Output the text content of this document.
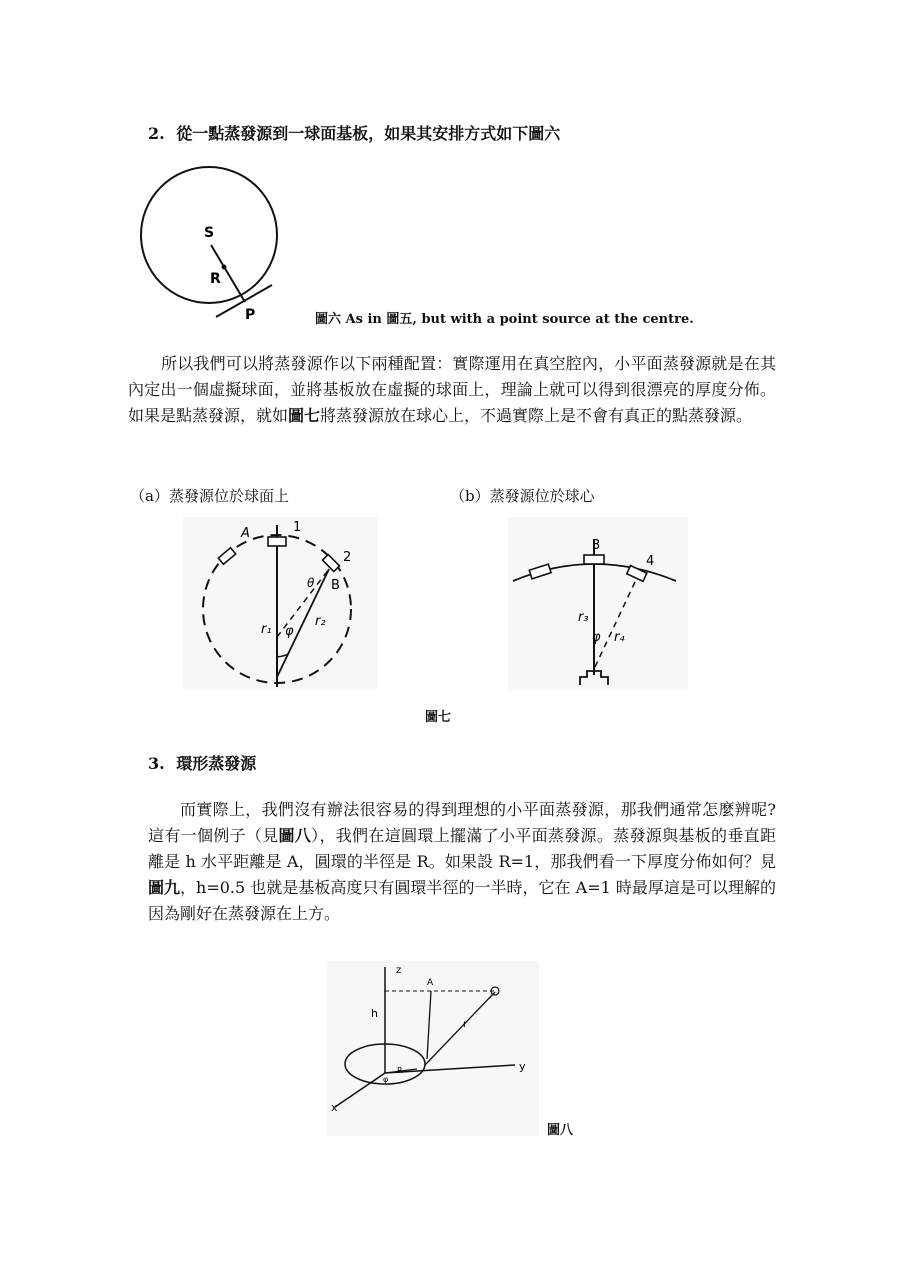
2. 從一點蒸發源到一球面基板，如果其安排方式如下圖六
S
R
P	圖六 As in 圖五, but with a point source at the centre.
所以我們可以將蒸發源作以下兩種配置：實際運用在真空腔內，小平面蒸發源就是在其內定出一個虛擬球面，並將基板放在虛擬的球面上，理論上就可以得到很漂亮的厚度分佈。如果是點蒸發源，就如圖七將蒸發源放在球心上，不過實際上是不會有真正的點蒸發源。
（a）蒸發源位於球面上	（b）蒸發源位於球心
A	1
2
B
θ
r₁ φ
r₂
3
4
r₃
φ r₄
圖七
3. 環形蒸發源
而實際上，我們沒有辦法很容易的得到理想的小平面蒸發源，那我們通常怎麼辨呢?這有一個例子（見圖八），我們在這圓環上擺滿了小平面蒸發源。蒸發源與基板的垂直距離是 h 水平距離是 A，圓環的半徑是 R。如果設 R=1，那我們看一下厚度分佈如何？見圖九，h=0.5 也就是基板高度只有圓環半徑的一半時，它在 A=1 時最厚這是可以理解的因為剛好在蒸發源在上方。
z
A
h
r
R
φ
y
x
圖八
